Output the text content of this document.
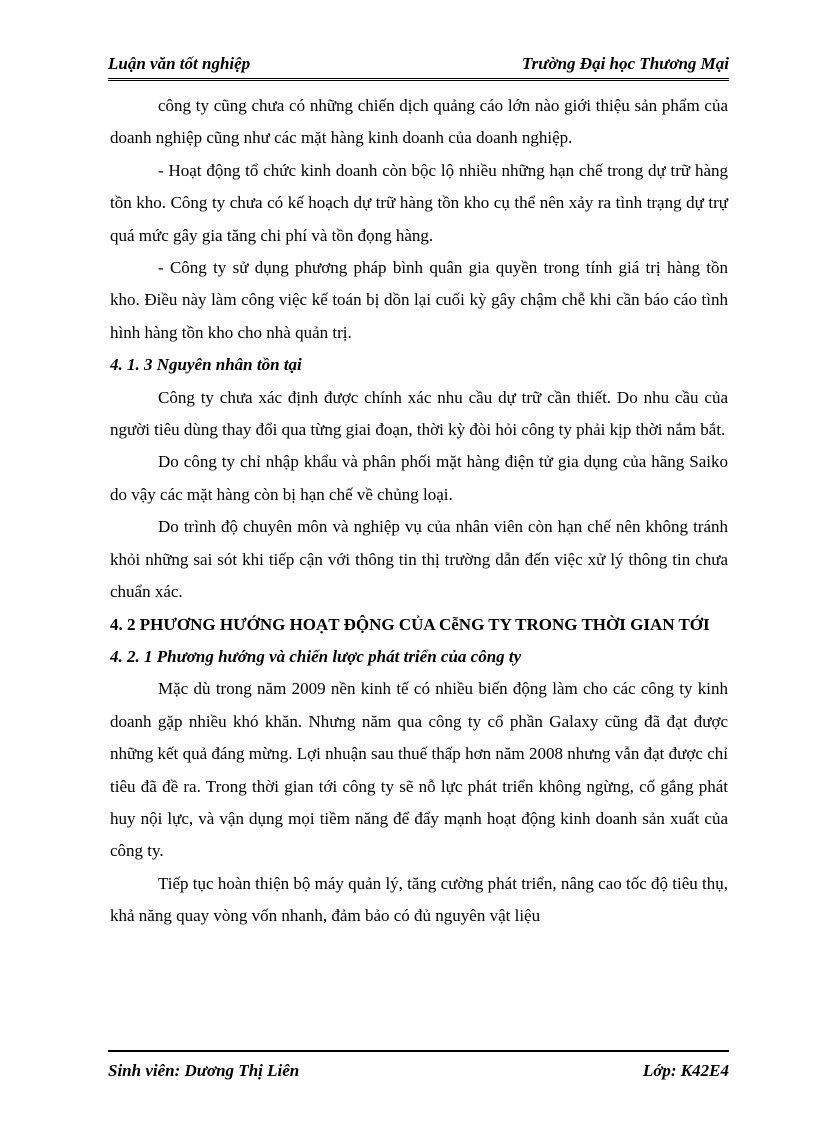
Luận văn tốt nghiệp	Trường Đại học Thương Mại

công ty cũng chưa có những chiến dịch quảng cáo lớn nào giới thiệu sản phẩm của doanh nghiệp cũng như các mặt hàng kinh doanh của doanh nghiệp.

- Hoạt động tổ chức kinh doanh còn bộc lộ nhiều những hạn chế trong dự trữ hàng tồn kho. Công ty chưa có kế hoạch dự trữ hàng tồn kho cụ thể nên xảy ra tình trạng dự trự quá mức gây gia tăng chi phí và tồn đọng hàng.

- Công ty sử dụng phương pháp bình quân gia quyền trong tính giá trị hàng tồn kho. Điều này làm công việc kế toán bị dồn lại cuối kỳ gây chậm chễ khi cần báo cáo tình hình hàng tồn kho cho nhà quản trị.

4. 1. 3 Nguyên nhân tồn tại

Công ty chưa xác định được chính xác nhu cầu dự trữ cần thiết. Do nhu cầu của người tiêu dùng thay đổi qua từng giai đoạn, thời kỳ đòi hỏi công ty phải kịp thời nắm bắt.

Do công ty chỉ nhập khẩu và phân phối mặt hàng điện tử gia dụng của hãng Saiko do vậy các mặt hàng còn bị hạn chế về chủng loại.

Do trình độ chuyên môn và nghiệp vụ của nhân viên còn hạn chế nên không tránh khỏi những sai sót khi tiếp cận với thông tin thị trường dẫn đến việc xử lý thông tin chưa chuẩn xác.

4. 2 PHƯƠNG HƯỚNG HOẠT ĐỘNG CỦA CễNG TY TRONG THỜI GIAN TỚI
4. 2. 1 Phương hướng và chiến lược phát triển của công ty

Mặc dù trong năm 2009 nền kinh tế có nhiều biến động làm cho các công ty kinh doanh gặp nhiều khó khăn. Nhưng năm qua công ty cổ phần Galaxy cũng đã đạt được những kết quả đáng mừng. Lợi nhuận sau thuế thấp hơn năm 2008 nhưng vẫn đạt được chỉ tiêu đã đề ra. Trong thời gian tới công ty sẽ nỗ lực phát triển không ngừng, cố gắng phát huy nội lực, và vận dụng mọi tiềm năng để đẩy mạnh hoạt động kinh doanh sản xuất của công ty.

Tiếp tục hoàn thiện bộ máy quản lý, tăng cường phát triển, nâng cao tốc độ tiêu thụ, khả năng quay vòng vốn nhanh, đảm bảo có đủ nguyên vật liệu

Sinh viên: Dương Thị Liên	Lớp: K42E4
